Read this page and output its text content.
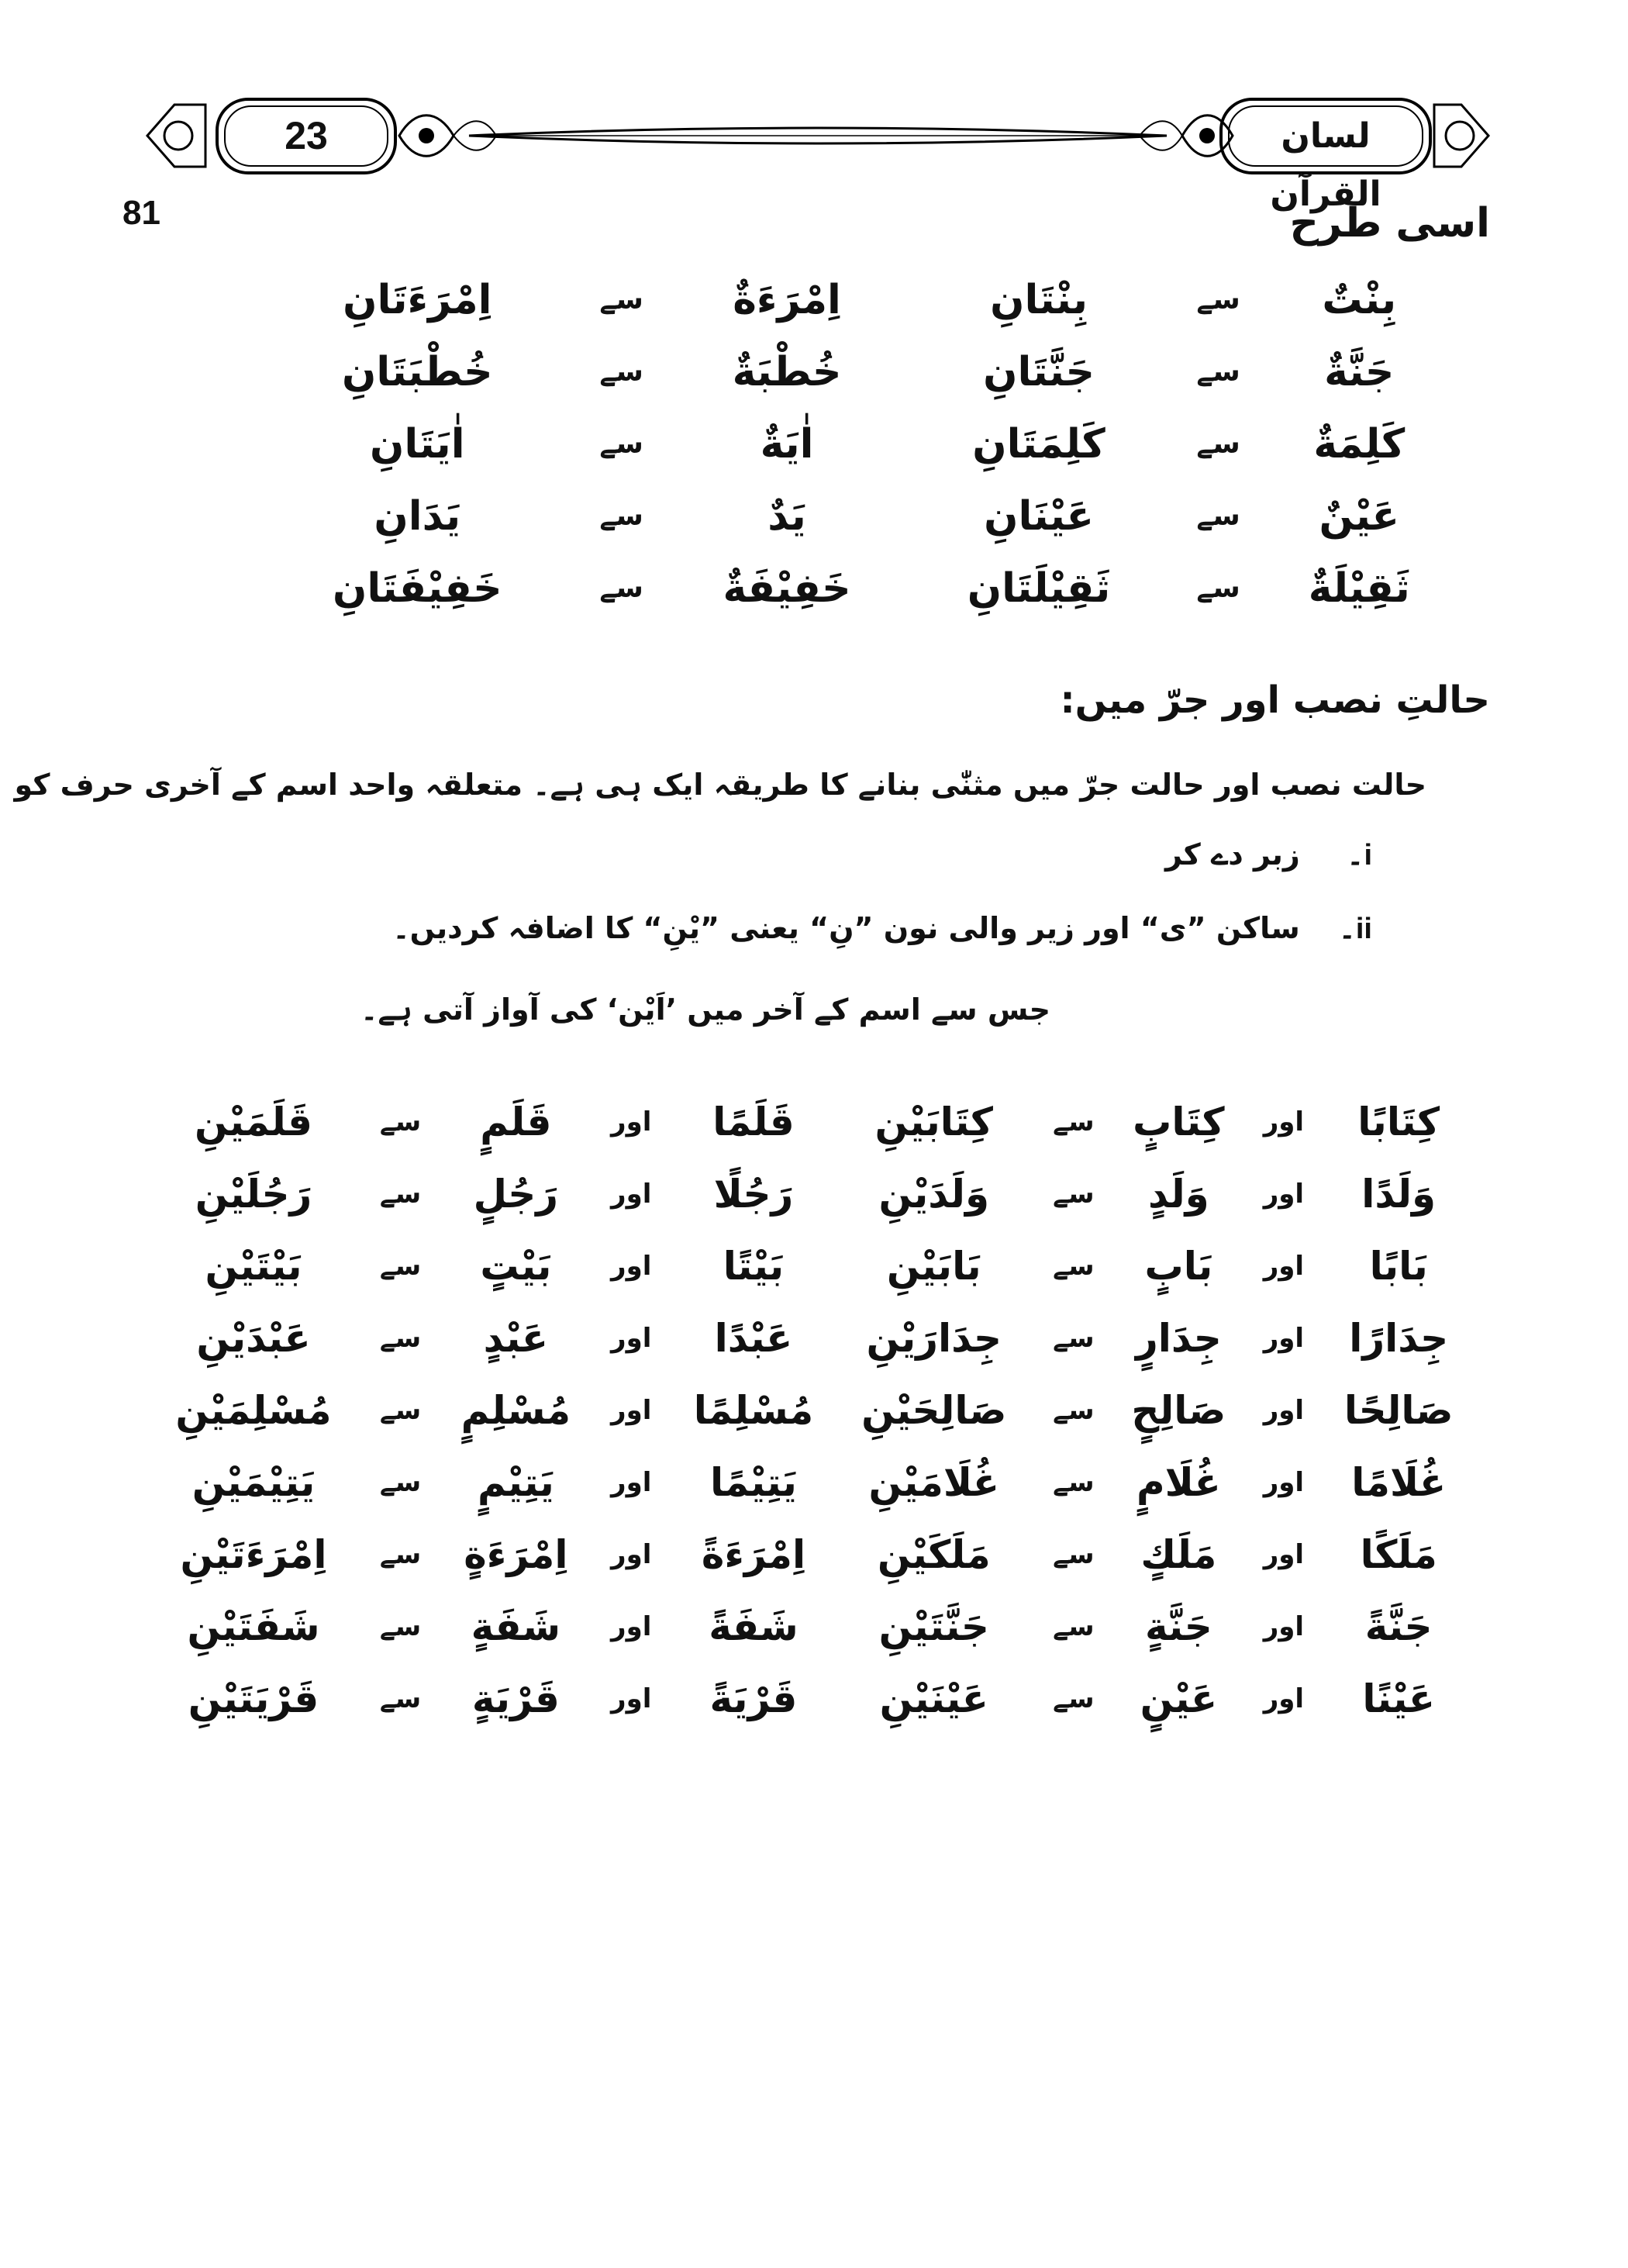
23	لسان القرآن
81	اسی طرح
بِنْتٌ	سے	بِنْتَانِ	اِمْرَءَةٌ	سے	اِمْرَءَتَانِ
جَنَّةٌ	سے	جَنَّتَانِ	خُطْبَةٌ	سے	خُطْبَتَانِ
كَلِمَةٌ	سے	كَلِمَتَانِ	اٰيَةٌ	سے	اٰيَتَانِ
عَيْنٌ	سے	عَيْنَانِ	يَدٌ	سے	يَدَانِ
ثَقِيْلَةٌ	سے	ثَقِيْلَتَانِ	خَفِيْفَةٌ	سے	خَفِيْفَتَانِ
حالتِ نصب اور جرّ میں:
حالت نصب اور حالت جرّ میں مثنّٰی بنانے کا طریقہ ایک ہی ہے۔ متعلقہ واحد اسم کے آخری حرف کو
i۔ زبر دے کر
ii۔ ساکن ”ی“ اور زیر والی نون ”نِ“ یعنی ”یْنِ“ کا اضافہ کردیں۔
جس سے اسم کے آخر میں ’اَیْن‘ کی آواز آتی ہے۔
كِتَابًا	اور	كِتَابٍ	سے	كِتَابَيْنِ	قَلَمًا	اور	قَلَمٍ	سے	قَلَمَيْنِ
وَلَدًا	اور	وَلَدٍ	سے	وَلَدَيْنِ	رَجُلًا	اور	رَجُلٍ	سے	رَجُلَيْنِ
بَابًا	اور	بَابٍ	سے	بَابَيْنِ	بَيْتًا	اور	بَيْتٍ	سے	بَيْتَيْنِ
جِدَارًا	اور	جِدَارٍ	سے	جِدَارَيْنِ	عَبْدًا	اور	عَبْدٍ	سے	عَبْدَيْنِ
صَالِحًا	اور	صَالِحٍ	سے	صَالِحَيْنِ	مُسْلِمًا	اور	مُسْلِمٍ	سے	مُسْلِمَيْنِ
غُلَامًا	اور	غُلَامٍ	سے	غُلَامَيْنِ	يَتِيْمًا	اور	يَتِيْمٍ	سے	يَتِيْمَيْنِ
مَلَكًا	اور	مَلَكٍ	سے	مَلَكَيْنِ	اِمْرَءَةً	اور	اِمْرَءَةٍ	سے	اِمْرَءَتَيْنِ
جَنَّةً	اور	جَنَّةٍ	سے	جَنَّتَيْنِ	شَفَةً	اور	شَفَةٍ	سے	شَفَتَيْنِ
عَيْنًا	اور	عَيْنٍ	سے	عَيْنَيْنِ	قَرْيَةً	اور	قَرْيَةٍ	سے	قَرْيَتَيْنِ
